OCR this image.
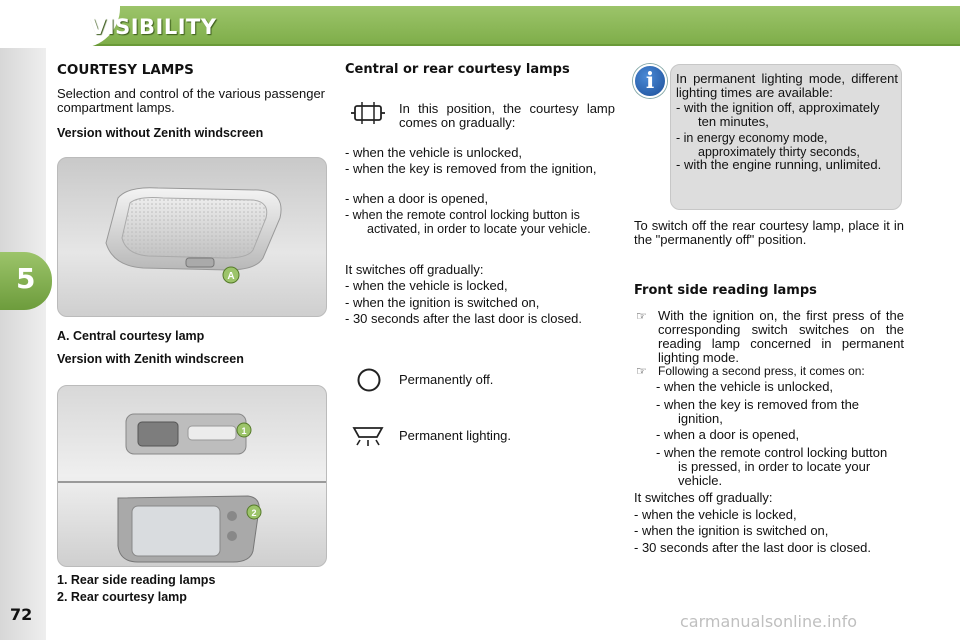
VISIBILITY
5
72
COURTESY LAMPS
Selection and control of the various passenger compartment lamps.
Version without Zenith windscreen
A
A. Central courtesy lamp
Version with Zenith windscreen
1
2
1. Rear side reading lamps
2. Rear courtesy lamp
Central or rear courtesy lamps
In this position, the courtesy lamp comes on gradually:
- when the vehicle is unlocked,
- when the key is removed from the ignition,
- when a door is opened,
- when the remote control locking button is activated, in order to locate your vehicle.
It switches off gradually:
- when the vehicle is locked,
- when the ignition is switched on,
- 30 seconds after the last door is closed.
Permanently off.
Permanent lighting.
i	In permanent lighting mode, different lighting times are available:
- with the ignition off, approximately ten minutes,
- in energy economy mode, approximately thirty seconds,
- with the engine running, unlimited.
To switch off the rear courtesy lamp, place it in the "permanently off" position.
Front side reading lamps
☞ With the ignition on, the first press of the corresponding switch switches on the reading lamp concerned in permanent lighting mode.
☞ Following a second press, it comes on:
- when the vehicle is unlocked,
- when the key is removed from the ignition,
- when a door is opened,
- when the remote control locking button is pressed, in order to locate your vehicle.
It switches off gradually:
- when the vehicle is locked,
- when the ignition is switched on,
- 30 seconds after the last door is closed.
carmanualsonline.info
